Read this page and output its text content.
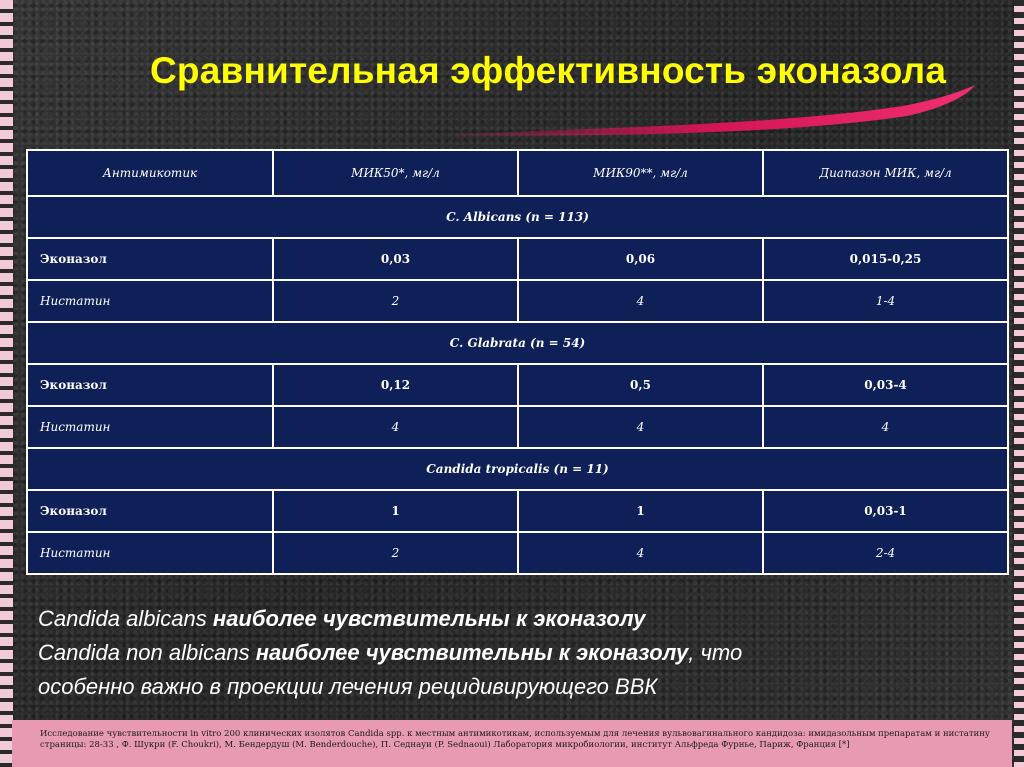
Сравнительная эффективность эконазола
Антимикотик	МИК50*, мг/л	МИК90**, мг/л	Диапазон МИК, мг/л
C. Albicans (n = 113)			
Эконазол	0,03	0,06	0,015-0,25
Нистатин	2	4	1-4
C. Glabrata (n = 54)			
Эконазол	0,12	0,5	0,03-4
Нистатин	4	4	4
Candida tropicalis (n = 11)			
Эконазол	1	1	0,03-1
Нистатин	2	4	2-4
Candida albicans наиболее чувствительны к эконазолу
Candida non albicans наиболее чувствительны к эконазолу, что
особенно важно в проекции лечения рецидивирующего ВВК
Исследование чувствительности in vitro 200 клинических изолятов Candida spp. к местным антимикотикам, используемым для лечения вульвовагинального кандидоза: имидазольным препаратам и нистатину страницы: 28-33 , Ф. Шукри (F. Choukri), М. Бендердуш (M. Benderdouche), П. Седнауи (P. Sednaoui) Лаборатория микробиологии, институт Альфреда Фурнье, Париж, Франция [*]
